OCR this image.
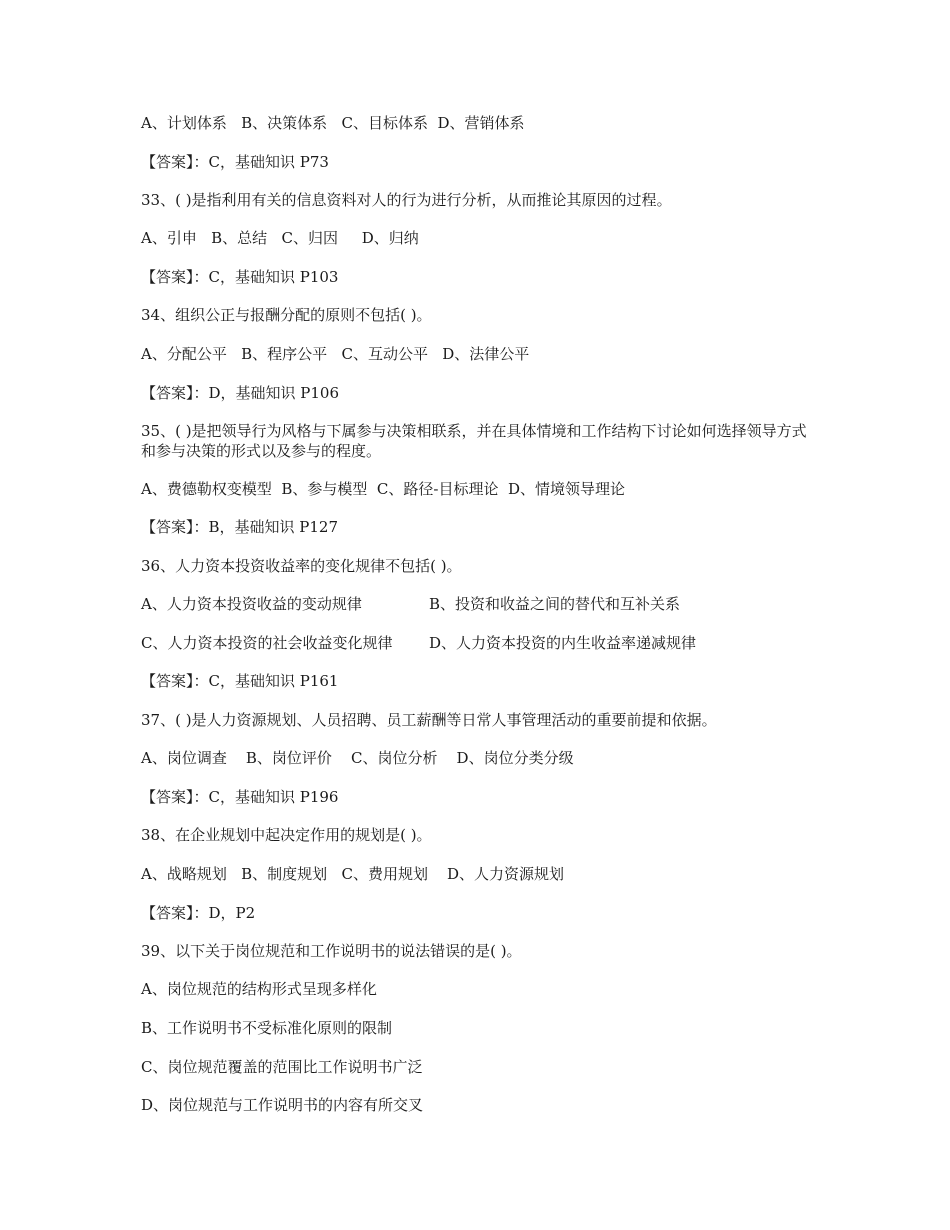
A、计划体系   B、决策体系   C、目标体系  D、营销体系

【答案】：C，基础知识 P73

33、( )是指利用有关的信息资料对人的行为进行分析，从而推论其原因的过程。

A、引申   B、总结   C、归因     D、归纳

【答案】：C，基础知识 P103

34、组织公正与报酬分配的原则不包括( )。

A、分配公平   B、程序公平   C、互动公平   D、法律公平

【答案】：D，基础知识 P106

35、( )是把领导行为风格与下属参与决策相联系，并在具体情境和工作结构下讨论如何选择领导方式和参与决策的形式以及参与的程度。

A、费德勒权变模型  B、参与模型  C、路径-目标理论  D、情境领导理论

【答案】：B，基础知识 P127

36、人力资本投资收益率的变化规律不包括( )。

A、人力资本投资收益的变动规律	B、投资和收益之间的替代和互补关系

C、人力资本投资的社会收益变化规律 D、人力资本投资的内生收益率递减规律

【答案】：C，基础知识 P161

37、( )是人力资源规划、人员招聘、员工薪酬等日常人事管理活动的重要前提和依据。

A、岗位调查    B、岗位评价    C、岗位分析    D、岗位分类分级

【答案】：C，基础知识 P196

38、在企业规划中起决定作用的规划是( )。

A、战略规划   B、制度规划   C、费用规划    D、人力资源规划

【答案】：D，P2

39、以下关于岗位规范和工作说明书的说法错误的是( )。

A、岗位规范的结构形式呈现多样化

B、工作说明书不受标准化原则的限制

C、岗位规范覆盖的范围比工作说明书广泛

D、岗位规范与工作说明书的内容有所交叉
